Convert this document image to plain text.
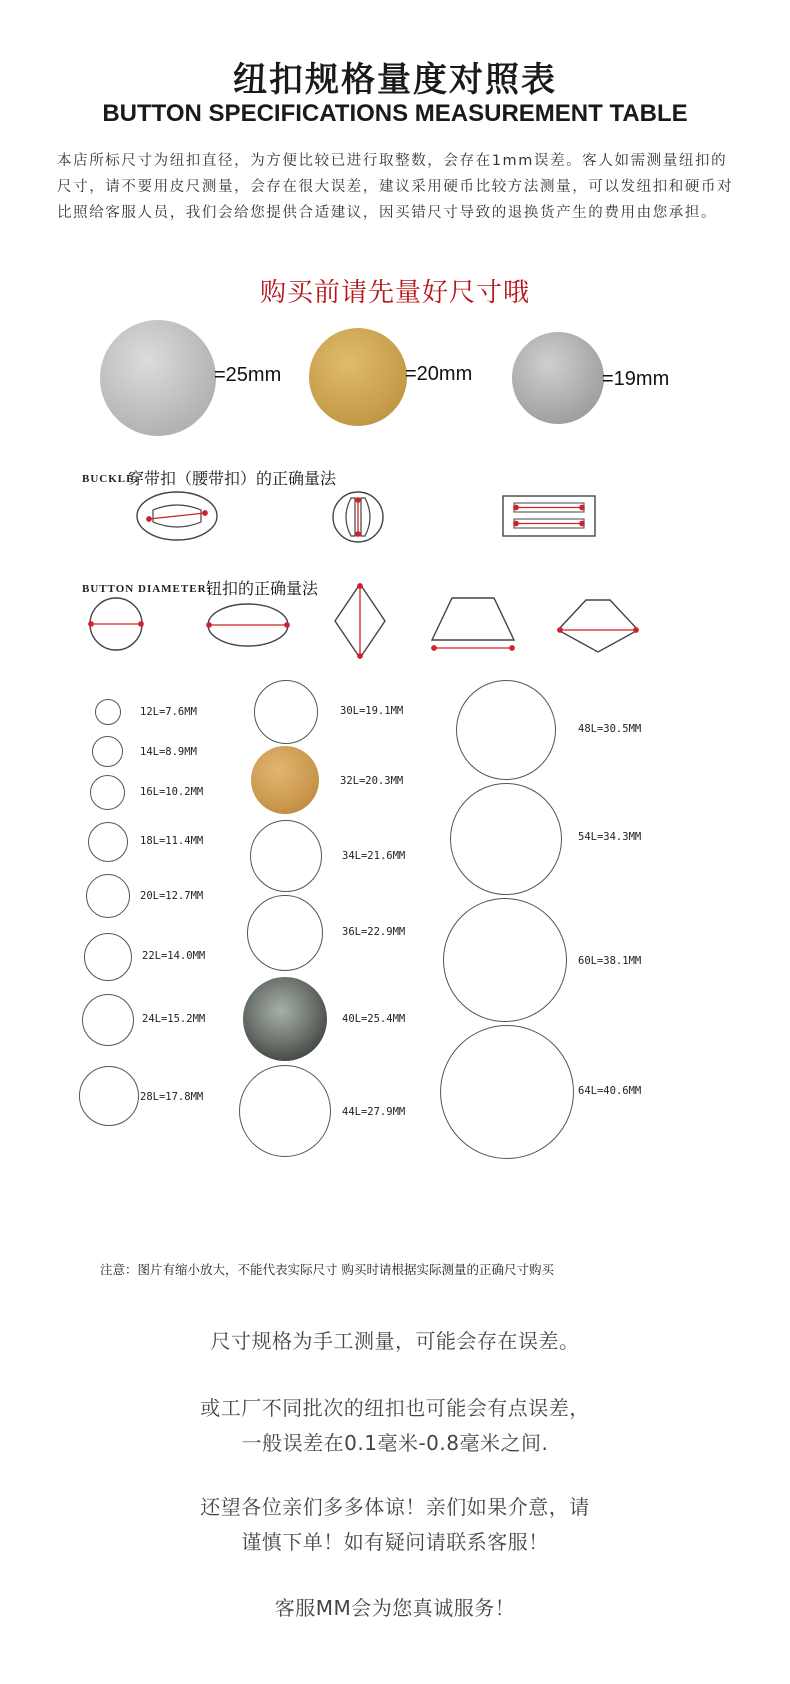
纽扣规格量度对照表
BUTTON SPECIFICATIONS MEASUREMENT TABLE
本店所标尺寸为纽扣直径，为方便比较已进行取整数，会存在1mm误差。客人如需测量纽扣的尺寸，请不要用皮尺测量，会存在很大误差，建议采用硬币比较方法测量，可以发纽扣和硬币对比照给客服人员，我们会给您提供合适建议，因买错尺寸导致的退换货产生的费用由您承担。
购买前请先量好尺寸哦
=25mm	=20mm	=19mm
BUCKLE:
穿带扣（腰带扣）的正确量法
BUTTON DIAMETER:
钮扣的正确量法
12L=7.6MM
14L=8.9MM
16L=10.2MM
18L=11.4MM
20L=12.7MM
22L=14.0MM
24L=15.2MM
28L=17.8MM
30L=19.1MM
32L=20.3MM
34L=21.6MM
36L=22.9MM
40L=25.4MM
44L=27.9MM
48L=30.5MM
54L=34.3MM
60L=38.1MM
64L=40.6MM
注意：图片有缩小放大，不能代表实际尺寸 购买时请根据实际测量的正确尺寸购买
尺寸规格为手工测量，可能会存在误差。
或工厂不同批次的纽扣也可能会有点误差，
一般误差在0.1毫米-0.8毫米之间.
还望各位亲们多多体谅！亲们如果介意，请
谨慎下单！如有疑问请联系客服！
客服MM会为您真诚服务！
